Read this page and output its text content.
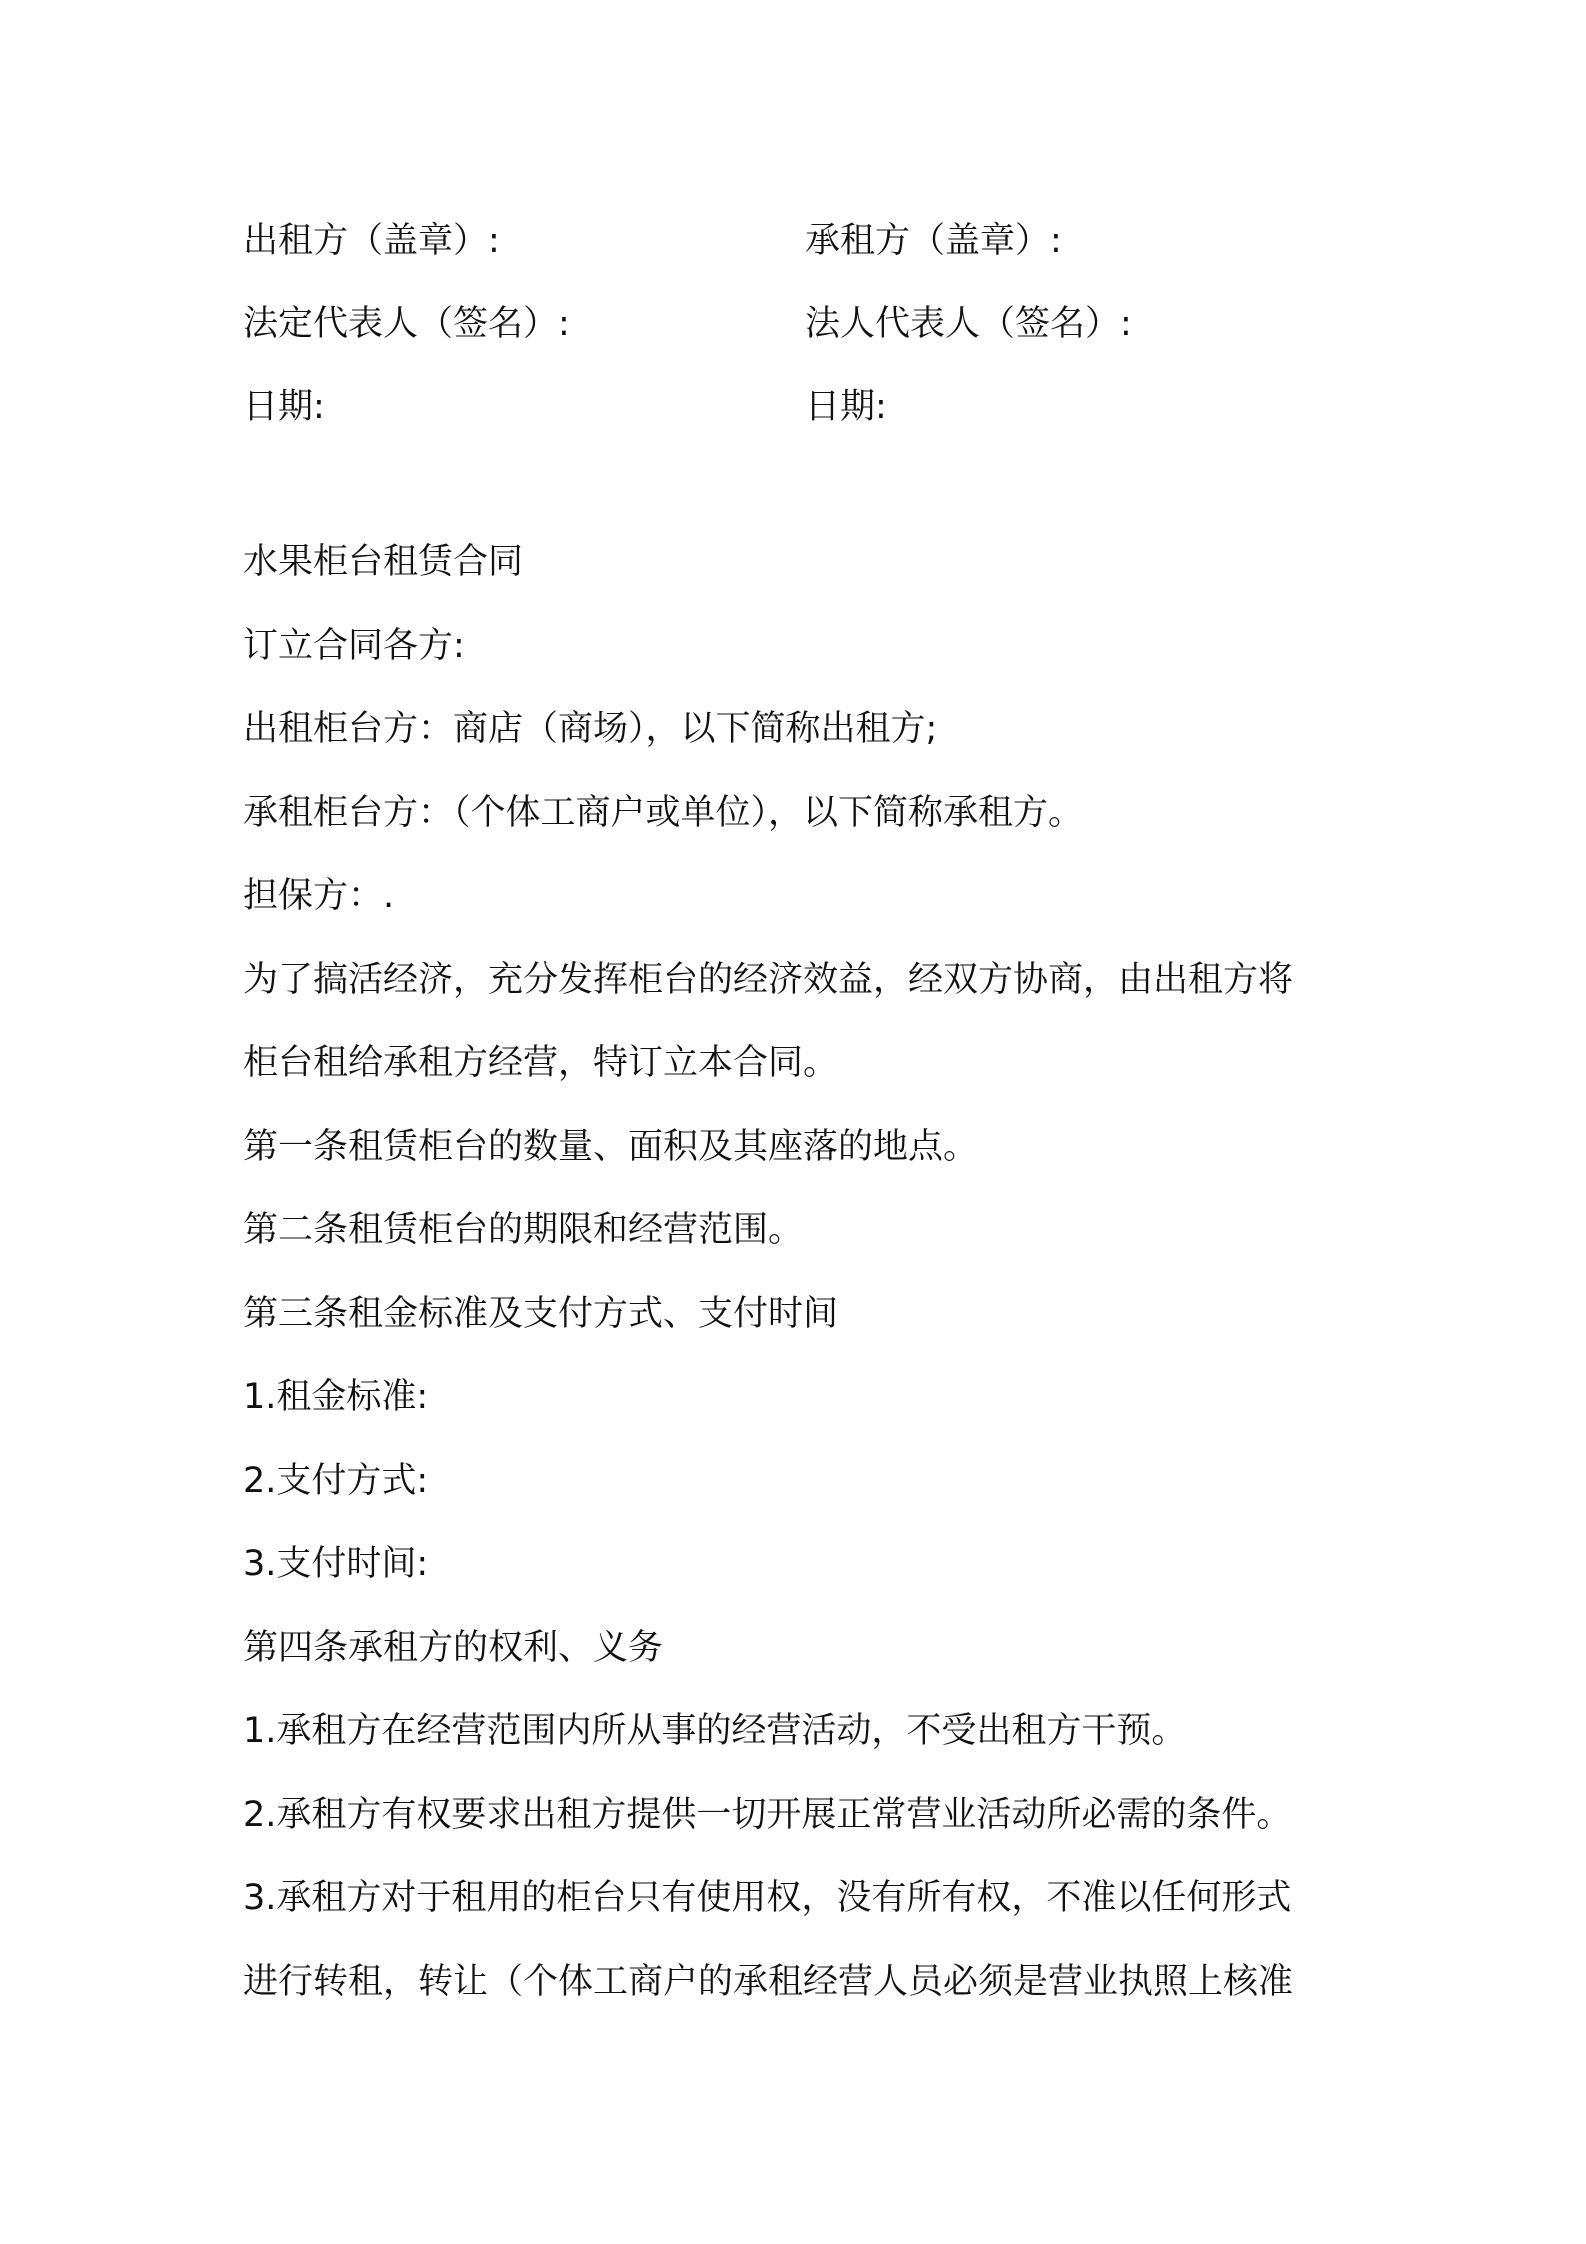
出租方（盖章）:	承租方（盖章）:
法定代表人（签名）:	法人代表人（签名）:
日期:	日期:

水果柜台租赁合同

订立合同各方:

出租柜台方：商店（商场），以下简称出租方;

承租柜台方：（个体工商户或单位），以下简称承租方。

担保方：.

为了搞活经济，充分发挥柜台的经济效益，经双方协商，由出租方将

柜台租给承租方经营，特订立本合同。

第一条租赁柜台的数量、面积及其座落的地点。

第二条租赁柜台的期限和经营范围。

第三条租金标准及支付方式、支付时间

1.租金标准:

2.支付方式:

3.支付时间:

第四条承租方的权利、义务

1.承租方在经营范围内所从事的经营活动，不受出租方干预。

2.承租方有权要求出租方提供一切开展正常营业活动所必需的条件。

3.承租方对于租用的柜台只有使用权，没有所有权，不准以任何形式

进行转租，转让（个体工商户的承租经营人员必须是营业执照上核准
